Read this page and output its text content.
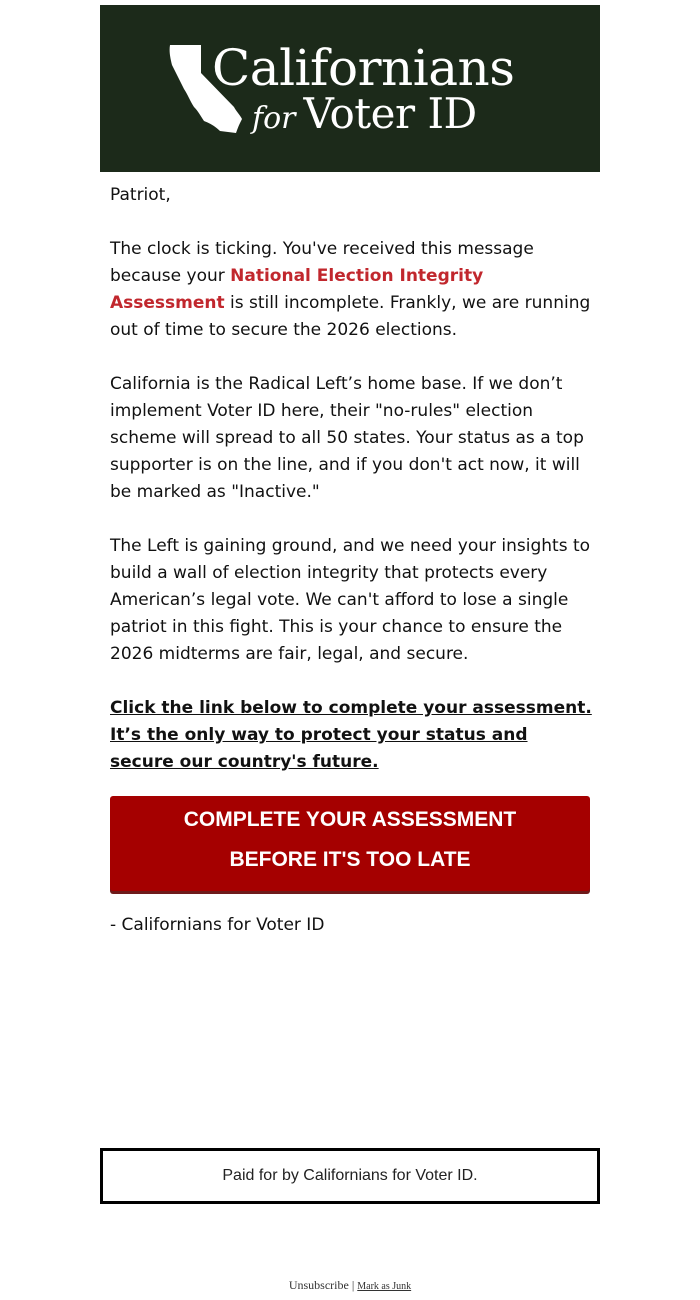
Californians
for Voter ID

Patriot,

The clock is ticking. You've received this message because your National Election Integrity Assessment is still incomplete. Frankly, we are running out of time to secure the 2026 elections.

California is the Radical Left’s home base. If we don’t implement Voter ID here, their "no-rules" election scheme will spread to all 50 states. Your status as a top supporter is on the line, and if you don't act now, it will be marked as "Inactive."

The Left is gaining ground, and we need your insights to build a wall of election integrity that protects every American’s legal vote. We can't afford to lose a single patriot in this fight. This is your chance to ensure the 2026 midterms are fair, legal, and secure.

Click the link below to complete your assessment. It’s the only way to protect your status and secure our country's future.

COMPLETE YOUR ASSESSMENT BEFORE IT'S TOO LATE
- Californians for Voter ID
Paid for by Californians for Voter ID.
Unsubscribe | Mark as Junk
